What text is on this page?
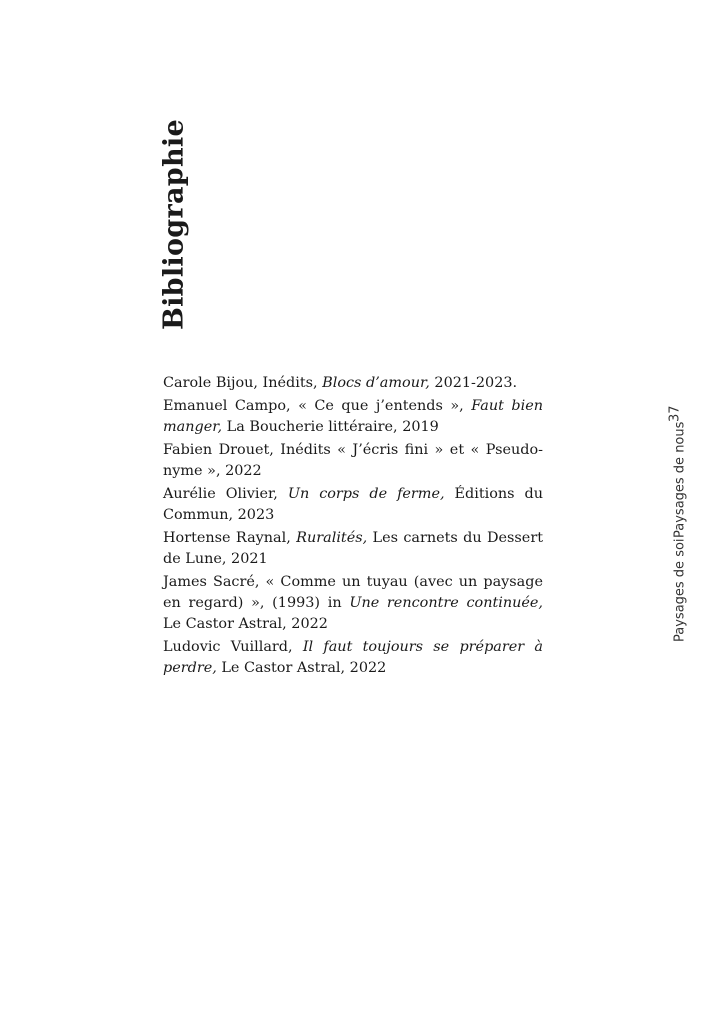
Bibliographie
Carole Bijou, Inédits, Blocs d’amour, 2021-2023.
Emanuel Campo, « Ce que j’entends », Faut bien manger, La Boucherie littéraire, 2019
Fabien Drouet, Inédits « J’écris fini » et « Pseudonyme », 2022
Aurélie Olivier, Un corps de ferme, Éditions du Commun, 2023
Hortense Raynal, Ruralités, Les carnets du Dessert de Lune, 2021
James Sacré, « Comme un tuyau (avec un paysage en regard) », (1993) in Une rencontre continuée, Le Castor Astral, 2022
Ludovic Vuillard, Il faut toujours se préparer à perdre, Le Castor Astral, 2022
Paysages de soi
Paysages de nous
37
